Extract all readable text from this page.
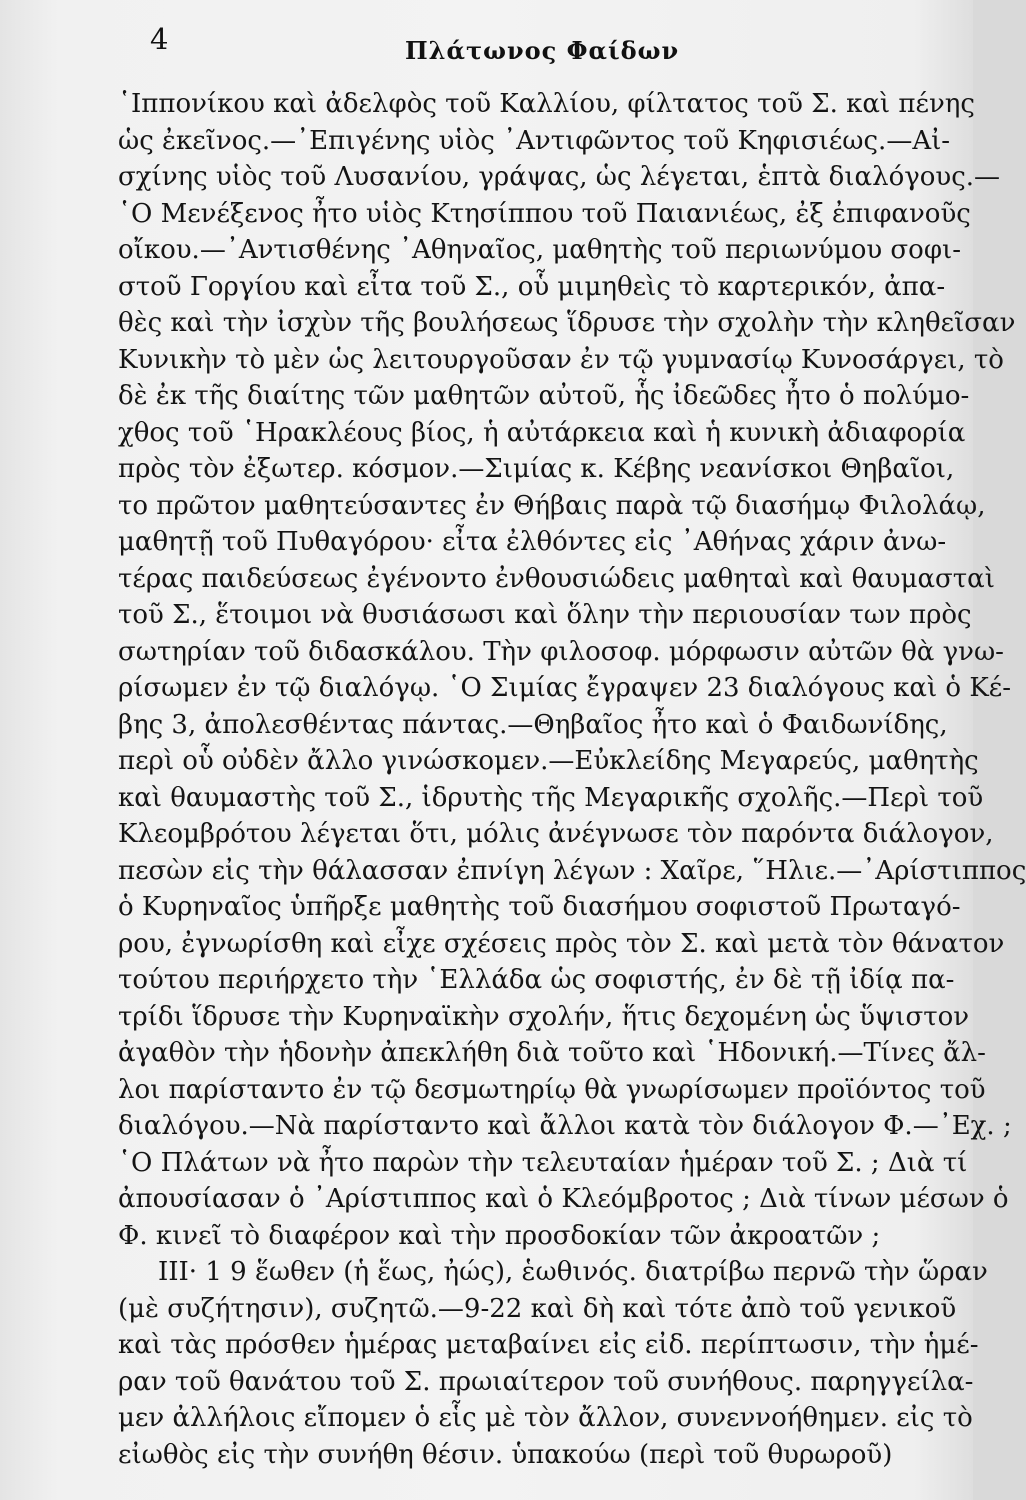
4	Πλάτωνος Φαίδων
῾Ιππονίκου καὶ ἀδελφὸς τοῦ Καλλίου, φίλτατος τοῦ Σ. καὶ πένης
ὡς ἐκεῖνος.—᾿Επιγένης υἱὸς ᾿Αντιφῶντος τοῦ Κηφισιέως.—Αἰ-
σχίνης υἱὸς τοῦ Λυσανίου, γράψας, ὡς λέγεται, ἑπτὰ διαλόγους.—
῾Ο Μενέξενος ἦτο υἱὸς Κτησίππου τοῦ Παιανιέως, ἐξ ἐπιφανοῦς
οἴκου.—᾿Αντισθένης ᾿Αθηναῖος, μαθητὴς τοῦ περιωνύμου σοφι-
στοῦ Γοργίου καὶ εἶτα τοῦ Σ., οὗ μιμηθεὶς τὸ καρτερικόν, ἀπα-
θὲς καὶ τὴν ἰσχὺν τῆς βουλήσεως ἵδρυσε τὴν σχολὴν τὴν κληθεῖσαν
Κυνικὴν τὸ μὲν ὡς λειτουργοῦσαν ἐν τῷ γυμνασίῳ Κυνοσάργει, τὸ
δὲ ἐκ τῆς διαίτης τῶν μαθητῶν αὐτοῦ, ἧς ἰδεῶδες ἦτο ὁ πολύμο-
χθος τοῦ ῾Ηρακλέους βίος, ἡ αὐτάρκεια καὶ ἡ κυνικὴ ἀδιαφορία
πρὸς τὸν ἐξωτερ. κόσμον.—Σιμίας κ. Κέβης νεανίσκοι Θηβαῖοι,
το πρῶτον μαθητεύσαντες ἐν Θήβαις παρὰ τῷ διασήμῳ Φιλολάῳ,
μαθητῇ τοῦ Πυθαγόρου· εἶτα ἐλθόντες εἰς ᾿Αθήνας χάριν ἀνω-
τέρας παιδεύσεως ἐγένοντο ἐνθουσιώδεις μαθηταὶ καὶ θαυμασταὶ
τοῦ Σ., ἕτοιμοι νὰ θυσιάσωσι καὶ ὅλην τὴν περιουσίαν των πρὸς
σωτηρίαν τοῦ διδασκάλου. Τὴν φιλοσοφ. μόρφωσιν αὐτῶν θὰ γνω-
ρίσωμεν ἐν τῷ διαλόγῳ. ῾Ο Σιμίας ἔγραψεν 23 διαλόγους καὶ ὁ Κέ-
βης 3, ἀπολεσθέντας πάντας.—Θηβαῖος ἦτο καὶ ὁ Φαιδωνίδης,
περὶ οὗ οὐδὲν ἄλλο γινώσκομεν.—Εὐκλείδης Μεγαρεύς, μαθητὴς
καὶ θαυμαστὴς τοῦ Σ., ἱδρυτὴς τῆς Μεγαρικῆς σχολῆς.—Περὶ τοῦ
Κλεομβρότου λέγεται ὅτι, μόλις ἀνέγνωσε τὸν παρόντα διάλογον,
πεσὼν εἰς τὴν θάλασσαν ἐπνίγη λέγων : Χαῖρε, ῞Ηλιε.—᾿Αρίστιππος
ὁ Κυρηναῖος ὑπῆρξε μαθητὴς τοῦ διασήμου σοφιστοῦ Πρωταγό-
ρου, ἐγνωρίσθη καὶ εἶχε σχέσεις πρὸς τὸν Σ. καὶ μετὰ τὸν θάνατον
τούτου περιήρχετο τὴν ῾Ελλάδα ὡς σοφιστής, ἐν δὲ τῇ ἰδίᾳ πα-
τρίδι ἵδρυσε τὴν Κυρηναϊκὴν σχολήν, ἥτις δεχομένη ὡς ὕψιστον
ἀγαθὸν τὴν ἡδονὴν ἀπεκλήθη διὰ τοῦτο καὶ ῾Ηδονική.—Τίνες ἄλ-
λοι παρίσταντο ἐν τῷ δεσμωτηρίῳ θὰ γνωρίσωμεν προϊόντος τοῦ
διαλόγου.—Νὰ παρίσταντο καὶ ἄλλοι κατὰ τὸν διάλογον Φ.—᾿Εχ. ;
῾Ο Πλάτων νὰ ἦτο παρὼν τὴν τελευταίαν ἡμέραν τοῦ Σ. ; Διὰ τί
ἀπουσίασαν ὁ ᾿Αρίστιππος καὶ ὁ Κλεόμβροτος ; Διὰ τίνων μέσων ὁ
Φ. κινεῖ τὸ διαφέρον καὶ τὴν προσδοκίαν τῶν ἀκροατῶν ;
ΙΙΙ· 1 9 ἕωθεν (ἡ ἕως, ἠώς), ἑωθινός. διατρίβω περνῶ τὴν ὥραν
(μὲ συζήτησιν), συζητῶ.—9-22 καὶ δὴ καὶ τότε ἀπὸ τοῦ γενικοῦ
καὶ τὰς πρόσθεν ἡμέρας μεταβαίνει εἰς εἰδ. περίπτωσιν, τὴν ἡμέ-
ραν τοῦ θανάτου τοῦ Σ. πρωιαίτερον τοῦ συνήθους. παρηγγείλα-
μεν ἀλλήλοις εἴπομεν ὁ εἷς μὲ τὸν ἄλλον, συνεννοήθημεν. εἰς τὸ
εἰωθὸς εἰς τὴν συνήθη θέσιν. ὑπακούω (περὶ τοῦ θυρωροῦ)
